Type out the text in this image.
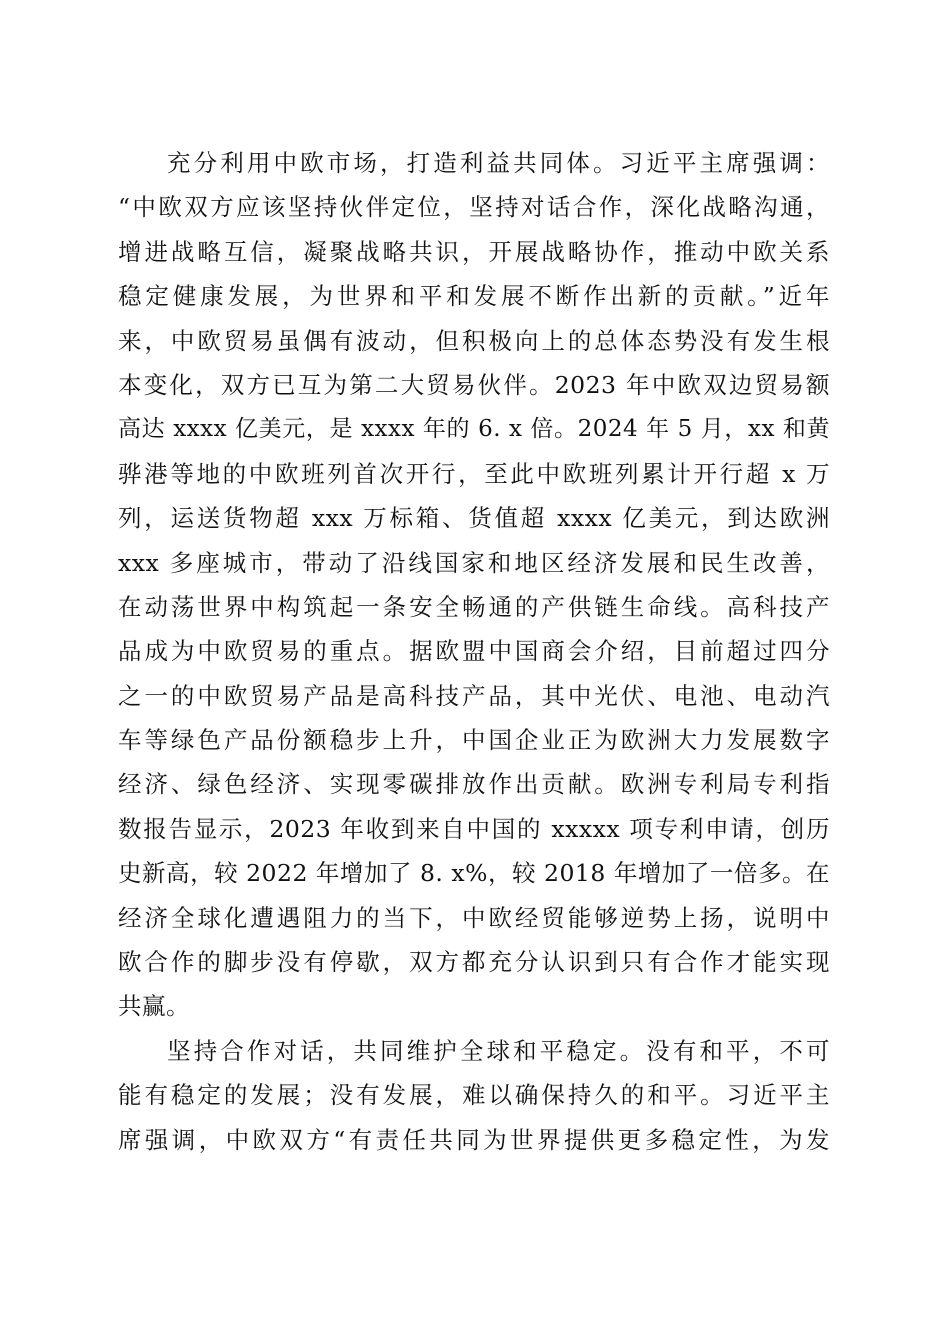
充分利用中欧市场，打造利益共同体。习近平主席强调：
“中欧双方应该坚持伙伴定位，坚持对话合作，深化战略沟通，
增进战略互信，凝聚战略共识，开展战略协作，推动中欧关系
稳定健康发展，为世界和平和发展不断作出新的贡献。”近年
来，中欧贸易虽偶有波动，但积极向上的总体态势没有发生根
本变化，双方已互为第二大贸易伙伴。2023 年中欧双边贸易额
高达 xxxx 亿美元，是 xxxx 年的 6. x 倍。2024 年 5 月，xx 和黄
骅港等地的中欧班列首次开行，至此中欧班列累计开行超 x 万
列，运送货物超 xxx 万标箱、货值超 xxxx 亿美元，到达欧洲
xxx 多座城市，带动了沿线国家和地区经济发展和民生改善，
在动荡世界中构筑起一条安全畅通的产供链生命线。高科技产
品成为中欧贸易的重点。据欧盟中国商会介绍，目前超过四分
之一的中欧贸易产品是高科技产品，其中光伏、电池、电动汽
车等绿色产品份额稳步上升，中国企业正为欧洲大力发展数字
经济、绿色经济、实现零碳排放作出贡献。欧洲专利局专利指
数报告显示，2023 年收到来自中国的 xxxxx 项专利申请，创历
史新高，较 2022 年增加了 8. x%，较 2018 年增加了一倍多。在
经济全球化遭遇阻力的当下，中欧经贸能够逆势上扬，说明中
欧合作的脚步没有停歇，双方都充分认识到只有合作才能实现
共赢。
坚持合作对话，共同维护全球和平稳定。没有和平，不可
能有稳定的发展；没有发展，难以确保持久的和平。习近平主
席强调，中欧双方“有责任共同为世界提供更多稳定性，为发
